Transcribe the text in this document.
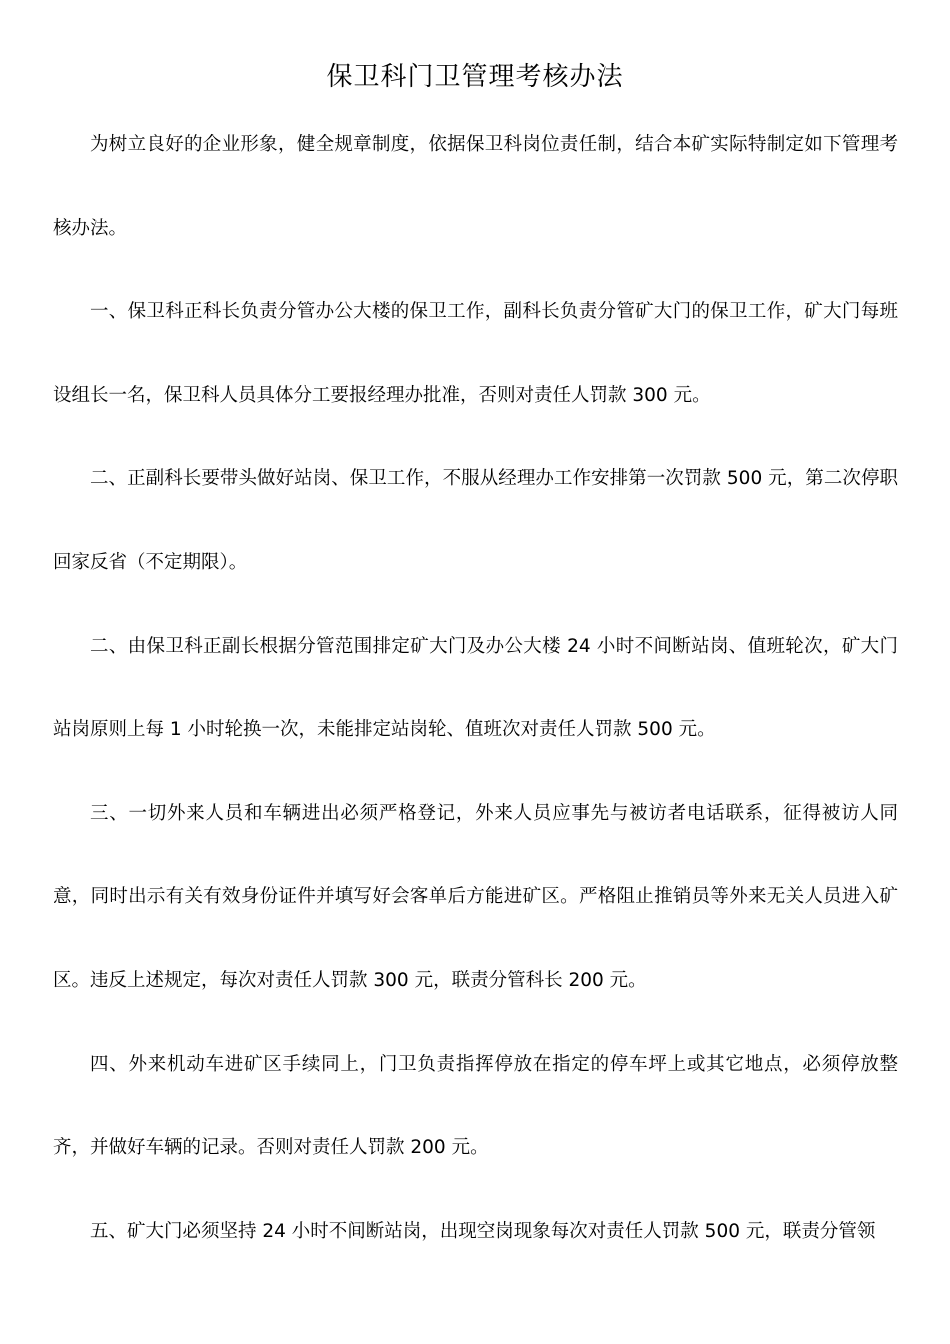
保卫科门卫管理考核办法

为树立良好的企业形象，健全规章制度，依据保卫科岗位责任制，结合本矿实际特制定如下管理考核办法。

一、保卫科正科长负责分管办公大楼的保卫工作，副科长负责分管矿大门的保卫工作，矿大门每班设组长一名，保卫科人员具体分工要报经理办批准，否则对责任人罚款 300 元。

二、正副科长要带头做好站岗、保卫工作，不服从经理办工作安排第一次罚款 500 元，第二次停职回家反省（不定期限）。

二、由保卫科正副长根据分管范围排定矿大门及办公大楼 24 小时不间断站岗、值班轮次，矿大门站岗原则上每 1 小时轮换一次，未能排定站岗轮、值班次对责任人罚款 500 元。

三、一切外来人员和车辆进出必须严格登记，外来人员应事先与被访者电话联系，征得被访人同意，同时出示有关有效身份证件并填写好会客单后方能进矿区。严格阻止推销员等外来无关人员进入矿区。违反上述规定，每次对责任人罚款 300 元，联责分管科长 200 元。

四、外来机动车进矿区手续同上，门卫负责指挥停放在指定的停车坪上或其它地点，必须停放整齐，并做好车辆的记录。否则对责任人罚款 200 元。

五、矿大门必须坚持 24 小时不间断站岗，出现空岗现象每次对责任人罚款 500 元，联责分管领
